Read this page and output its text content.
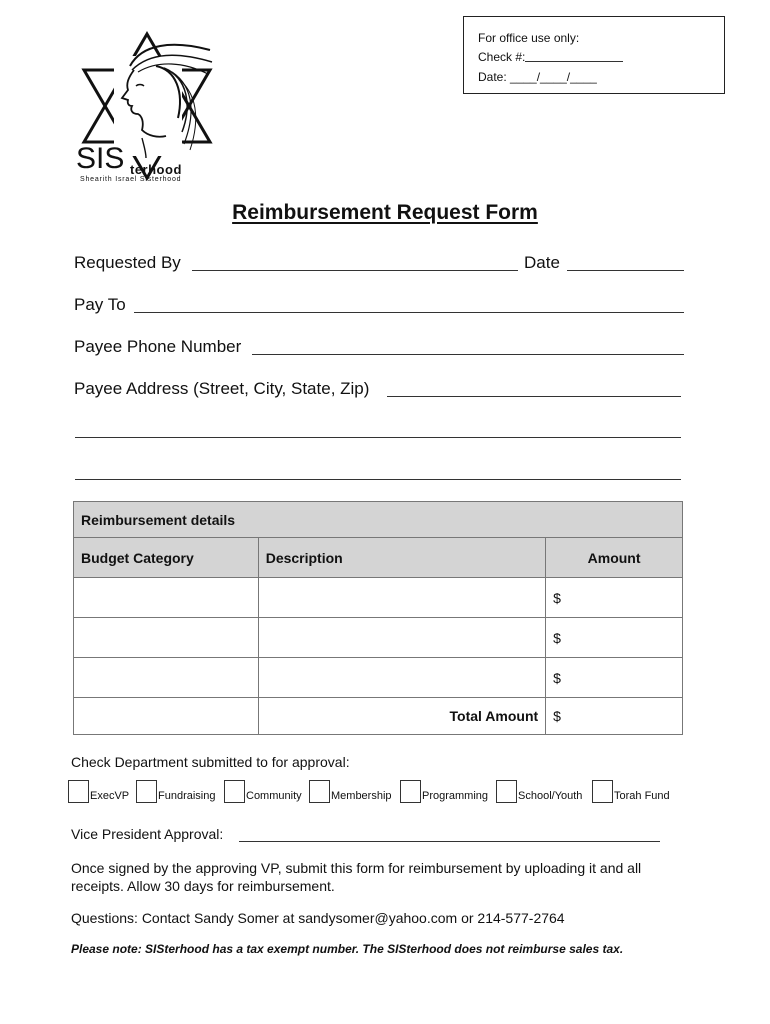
For office use only:
Check #:
Date: ____/____/____
SIS terhood
Shearith Israel Sisterhood
Reimbursement Request Form
Requested By	Date
Pay To
Payee Phone Number
Payee Address (Street, City, State, Zip)
Reimbursement details		
Budget Category	Description	Amount
		$
		$
		$
	Total Amount	$
Check Department submitted to for approval:
ExecVP	Fundraising	Community	Membership	Programming	School/Youth	Torah Fund
Vice President Approval:
Once signed by the approving VP, submit this form for reimbursement by uploading it and all
receipts. Allow 30 days for reimbursement.
Questions: Contact Sandy Somer at sandysomer@yahoo.com or 214-577-2764
Please note: SISterhood has a tax exempt number. The SISterhood does not reimburse sales tax.
